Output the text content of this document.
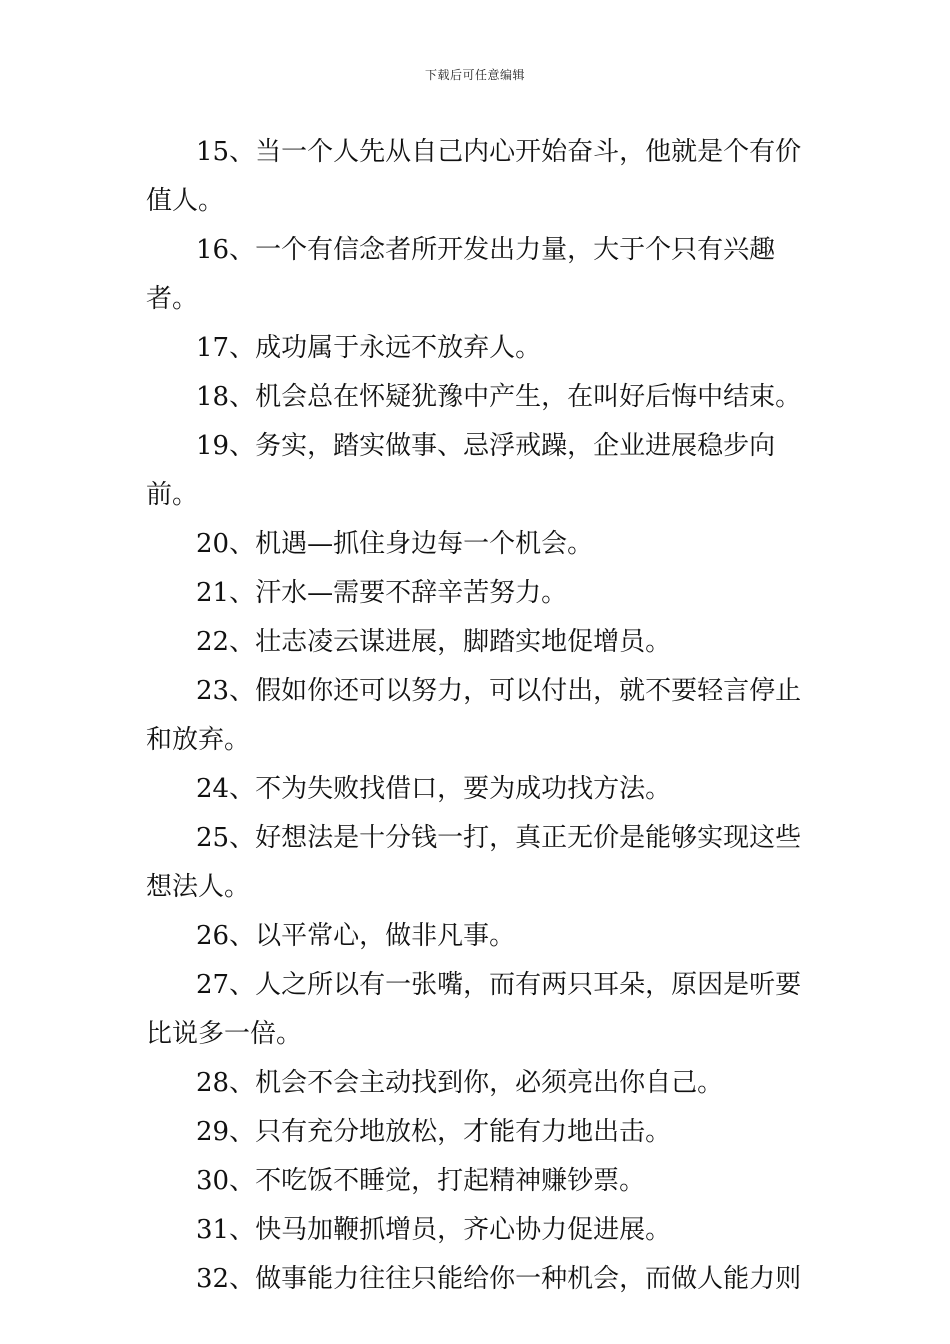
下载后可任意编辑

15、当一个人先从自己内心开始奋斗，他就是个有价值人。

16、一个有信念者所开发出力量，大于个只有兴趣者。

17、成功属于永远不放弃人。

18、机会总在怀疑犹豫中产生，在叫好后悔中结束。

19、务实，踏实做事、忌浮戒躁，企业进展稳步向前。

20、机遇—抓住身边每一个机会。

21、汗水—需要不辞辛苦努力。

22、壮志凌云谋进展，脚踏实地促增员。

23、假如你还可以努力，可以付出，就不要轻言停止和放弃。

24、不为失败找借口，要为成功找方法。

25、好想法是十分钱一打，真正无价是能够实现这些想法人。

26、以平常心，做非凡事。

27、人之所以有一张嘴，而有两只耳朵，原因是听要比说多一倍。

28、机会不会主动找到你，必须亮出你自己。

29、只有充分地放松，才能有力地出击。

30、不吃饭不睡觉，打起精神赚钞票。

31、快马加鞭抓增员，齐心协力促进展。

32、做事能力往往只能给你一种机会，而做人能力则
